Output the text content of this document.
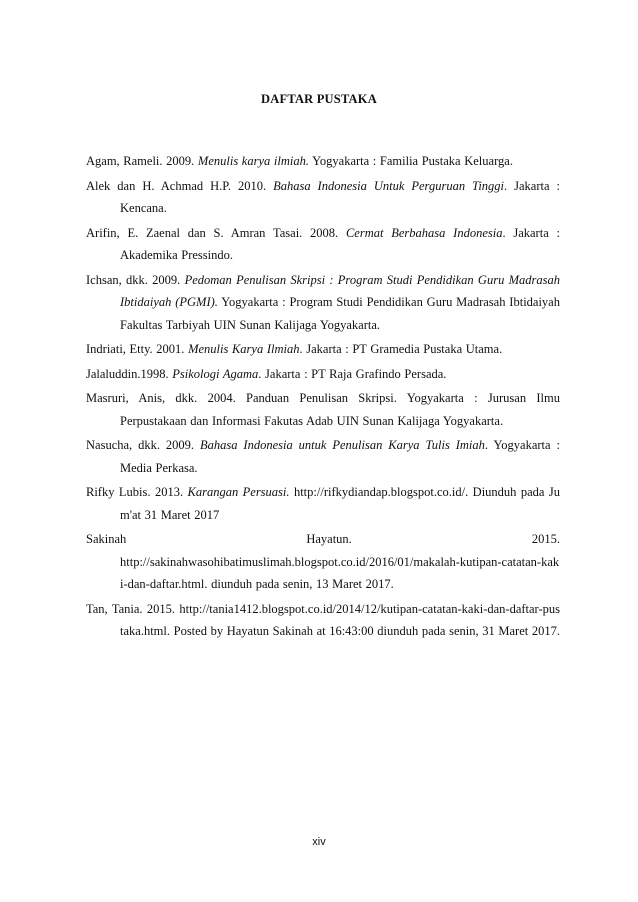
DAFTAR PUSTAKA
Agam, Rameli. 2009. Menulis karya ilmiah. Yogyakarta : Familia Pustaka Keluarga.
Alek dan H. Achmad H.P. 2010. Bahasa Indonesia Untuk Perguruan Tinggi. Jakarta : Kencana.
Arifin, E. Zaenal dan S. Amran Tasai. 2008. Cermat Berbahasa Indonesia. Jakarta : Akademika Pressindo.
Ichsan, dkk. 2009. Pedoman Penulisan Skripsi : Program Studi Pendidikan Guru Madrasah Ibtidaiyah (PGMI). Yogyakarta : Program Studi Pendidikan Guru Madrasah Ibtidaiyah Fakultas Tarbiyah UIN Sunan Kalijaga Yogyakarta.
Indriati, Etty. 2001. Menulis Karya Ilmiah. Jakarta : PT Gramedia Pustaka Utama.
Jalaluddin.1998. Psikologi Agama. Jakarta : PT Raja Grafindo Persada.
Masruri, Anis, dkk. 2004. Panduan Penulisan Skripsi. Yogyakarta : Jurusan Ilmu Perpustakaan dan Informasi Fakutas Adab UIN Sunan Kalijaga Yogyakarta.
Nasucha, dkk. 2009. Bahasa Indonesia untuk Penulisan Karya Tulis Imiah. Yogyakarta : Media Perkasa.
Rifky Lubis. 2013. Karangan Persuasi. http://rifkydiandap.blogspot.co.id/. Diunduh pada Jum'at 31 Maret 2017
Sakinah Hayatun. 2015.
http://sakinahwasohibatimuslimah.blogspot.co.id/2016/01/makalah-kutipan-catatan-kaki-dan-daftar.html. diunduh pada senin, 13 Maret 2017.
Tan, Tania. 2015. http://tania1412.blogspot.co.id/2014/12/kutipan-catatan-kaki-dan-daftar-pustaka.html. Posted by Hayatun Sakinah at 16:43:00 diunduh pada senin, 31 Maret 2017.
xiv
